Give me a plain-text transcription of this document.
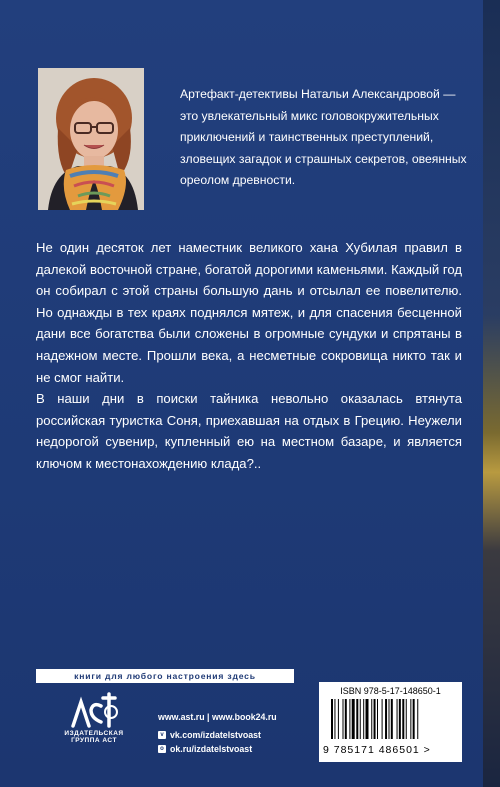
Артефакт-детективы Натальи Александровой — это увлекательный микс головокружительных приключений и таинственных преступлений, зловещих загадок и страшных секретов, овеянных ореолом древности.

Не один десяток лет наместник великого хана Хубилая правил в далекой восточной стране, богатой дорогими каменьями. Каждый год он собирал с этой страны большую дань и отсылал ее повелителю. Но однажды в тех краях поднялся мятеж, и для спасения бесценной дани все богатства были сложены в огромные сундуки и спрятаны в надежном месте. Прошли века, а несметные сокровища никто так и не смог найти.

В наши дни в поиски тайника невольно оказалась втянута российская туристка Соня, приехавшая на отдых в Грецию. Неужели недорогой сувенир, купленный ею на местном базаре, и является ключом к местонахождению клада?..

книги для любого настроения здесь
ИЗДАТЕЛЬСКАЯ ГРУППА АСТ
www.ast.ru | www.book24.ru
v vk.com/izdatelstvoast
o ok.ru/izdatelstvoast
ISBN 978-5-17-148650-1
9 785171 486501 >
